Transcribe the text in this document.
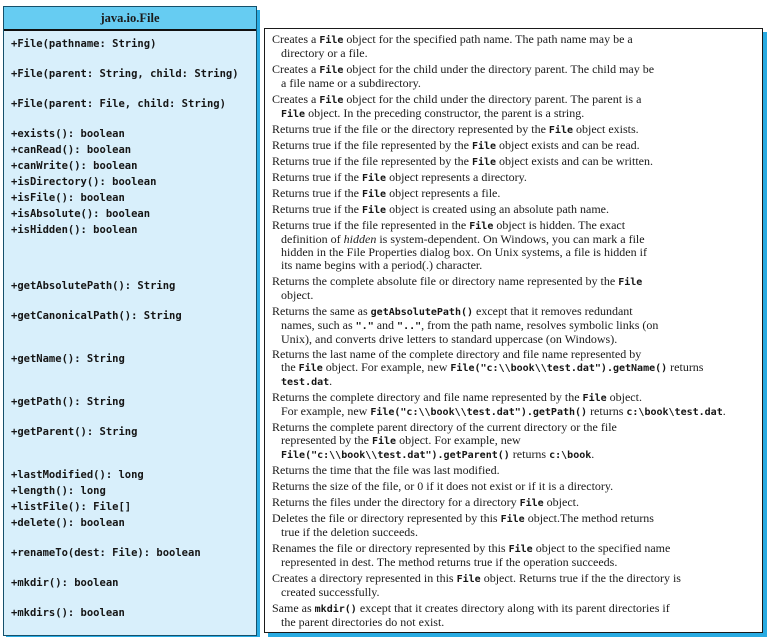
java.io.File
+File(pathname: String)
+File(parent: String, child: String)
+File(parent: File, child: String)
+exists(): boolean
+canRead(): boolean
+canWrite(): boolean
+isDirectory(): boolean
+isFile(): boolean
+isAbsolute(): boolean
+isHidden(): boolean
+getAbsolutePath(): String
+getCanonicalPath(): String
+getName(): String
+getPath(): String
+getParent(): String
+lastModified(): long
+length(): long
+listFile(): File[]
+delete(): boolean
+renameTo(dest: File): boolean
+mkdir(): boolean
+mkdirs(): boolean
Creates a File object for the specified path name. The path name may be a
directory or a file.
Creates a File object for the child under the directory parent. The child may be
a file name or a subdirectory.
Creates a File object for the child under the directory parent. The parent is a
File object. In the preceding constructor, the parent is a string.
Returns true if the file or the directory represented by the File object exists.
Returns true if the file represented by the File object exists and can be read.
Returns true if the file represented by the File object exists and can be written.
Returns true if the File object represents a directory.
Returns true if the File object represents a file.
Returns true if the File object is created using an absolute path name.
Returns true if the file represented in the File object is hidden. The exact
definition of hidden is system-dependent. On Windows, you can mark a file
hidden in the File Properties dialog box. On Unix systems, a file is hidden if
its name begins with a period(.) character.
Returns the complete absolute file or directory name represented by the File
object.
Returns the same as getAbsolutePath() except that it removes redundant
names, such as "." and "..", from the path name, resolves symbolic links (on
Unix), and converts drive letters to standard uppercase (on Windows).
Returns the last name of the complete directory and file name represented by
the File object. For example, new File("c:\\book\\test.dat").getName() returns
test.dat.
Returns the complete directory and file name represented by the File object.
For example, new File("c:\\book\\test.dat").getPath() returns c:\book\test.dat.
Returns the complete parent directory of the current directory or the file
represented by the File object. For example, new
File("c:\\book\\test.dat").getParent() returns c:\book.
Returns the time that the file was last modified.
Returns the size of the file, or 0 if it does not exist or if it is a directory.
Returns the files under the directory for a directory File object.
Deletes the file or directory represented by this File object.The method returns
true if the deletion succeeds.
Renames the file or directory represented by this File object to the specified name
represented in dest. The method returns true if the operation succeeds.
Creates a directory represented in this File object. Returns true if the the directory is
created successfully.
Same as mkdir() except that it creates directory along with its parent directories if
the parent directories do not exist.
